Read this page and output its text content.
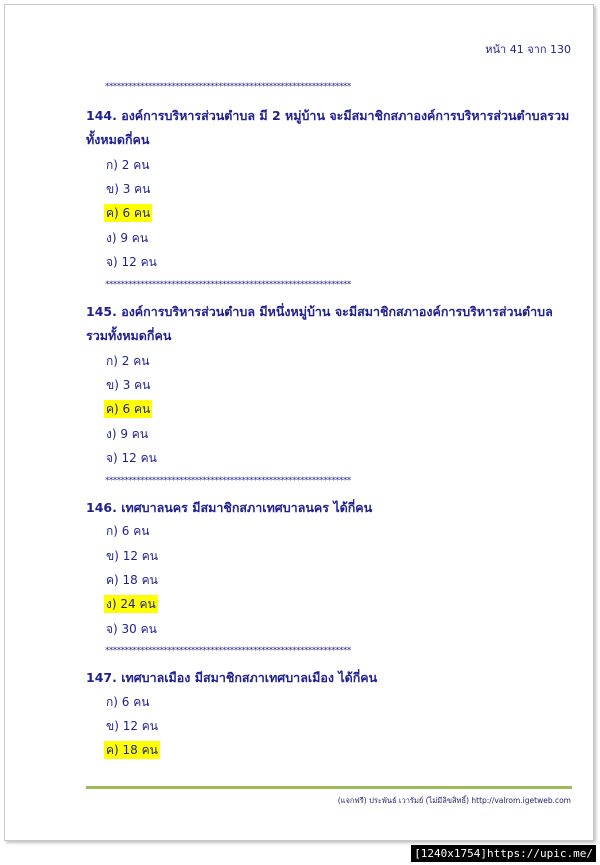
หน้า 41 จาก 130
***************************************************************
***************************************************************
***************************************************************
***************************************************************
144. องค์การบริหารส่วนตำบล มี 2 หมู่บ้าน จะมีสมาชิกสภาองค์การบริหารส่วนตำบลรวมทั้งหมดกี่คน
ก) 2 คน
ข) 3 คน
ค) 6 คน
ง) 9 คน
จ) 12 คน
145. องค์การบริหารส่วนตำบล มีหนึ่งหมู่บ้าน จะมีสมาชิกสภาองค์การบริหารส่วนตำบลรวมทั้งหมดกี่คน
ก) 2 คน
ข) 3 คน
ค) 6 คน
ง) 9 คน
จ) 12 คน
146. เทศบาลนคร มีสมาชิกสภาเทศบาลนคร ได้กี่คน
ก) 6 คน
ข) 12 คน
ค) 18 คน
ง) 24 คน
จ) 30 คน
147. เทศบาลเมือง มีสมาชิกสภาเทศบาลเมือง ได้กี่คน
ก) 6 คน
ข) 12 คน
ค) 18 คน
(แจกฟรี) ประพันธ์ เวารัมย์ (ไม่มีลิขสิทธิ์) http://valrom.igetweb.com
[1240x1754]https://upic.me/
